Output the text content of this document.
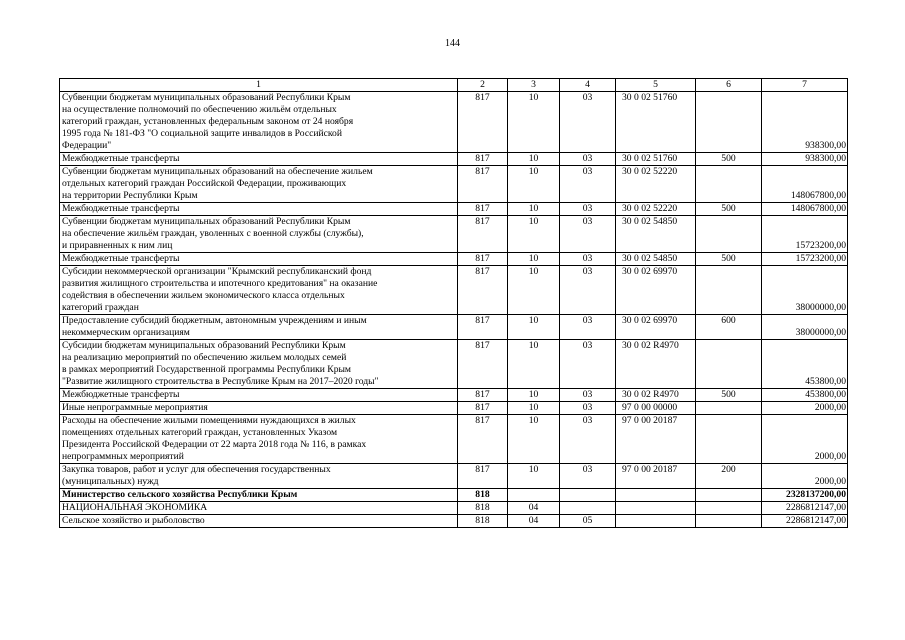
144
1	2	3	4	5	6	7
Субвенции бюджетам муниципальных образований Республики Крым
на осуществление полномочий по обеспечению жильём отдельных
категорий граждан, установленных федеральным законом от 24 ноября
1995 года № 181-ФЗ "О социальной защите инвалидов в Российской
Федерации"	817	10	03	30 0 02 51760		938300,00
Межбюджетные трансферты	817	10	03	30 0 02 51760	500	938300,00
Субвенции бюджетам муниципальных образований на обеспечение жильем
отдельных категорий граждан Российской Федерации, проживающих
на территории Республики Крым	817	10	03	30 0 02 52220		148067800,00
Межбюджетные трансферты	817	10	03	30 0 02 52220	500	148067800,00
Субвенции бюджетам муниципальных образований Республики Крым
на обеспечение жильём граждан, уволенных с военной службы (службы),
и приравненных к ним лиц	817	10	03	30 0 02 54850		15723200,00
Межбюджетные трансферты	817	10	03	30 0 02 54850	500	15723200,00
Субсидии некоммерческой организации "Крымский республиканский фонд
развития жилищного строительства и ипотечного кредитования" на оказание
содействия в обеспечении жильем экономического класса отдельных
категорий граждан	817	10	03	30 0 02 69970		38000000,00
Предоставление субсидий бюджетным, автономным учреждениям и иным
некоммерческим организациям	817	10	03	30 0 02 69970	600	38000000,00
Субсидии бюджетам муниципальных образований Республики Крым
на реализацию мероприятий по обеспечению жильем молодых семей
в рамках мероприятий Государственной программы Республики Крым
"Развитие жилищного строительства в Республике Крым на 2017–2020 годы"	817	10	03	30 0 02 R4970		453800,00
Межбюджетные трансферты	817	10	03	30 0 02 R4970	500	453800,00
Иные непрограммные мероприятия	817	10	03	97 0 00 00000		2000,00
Расходы на обеспечение жилыми помещениями нуждающихся в жилых
помещениях отдельных категорий граждан, установленных Указом
Президента Российской Федерации от 22 марта 2018 года № 116, в рамках
непрограммных мероприятий	817	10	03	97 0 00 20187		2000,00
Закупка товаров, работ и услуг для обеспечения государственных
(муниципальных) нужд	817	10	03	97 0 00 20187	200	2000,00
Министерство сельского хозяйства Республики Крым	818					2328137200,00
НАЦИОНАЛЬНАЯ ЭКОНОМИКА	818	04				2286812147,00
Сельское хозяйство и рыболовство	818	04	05			2286812147,00
